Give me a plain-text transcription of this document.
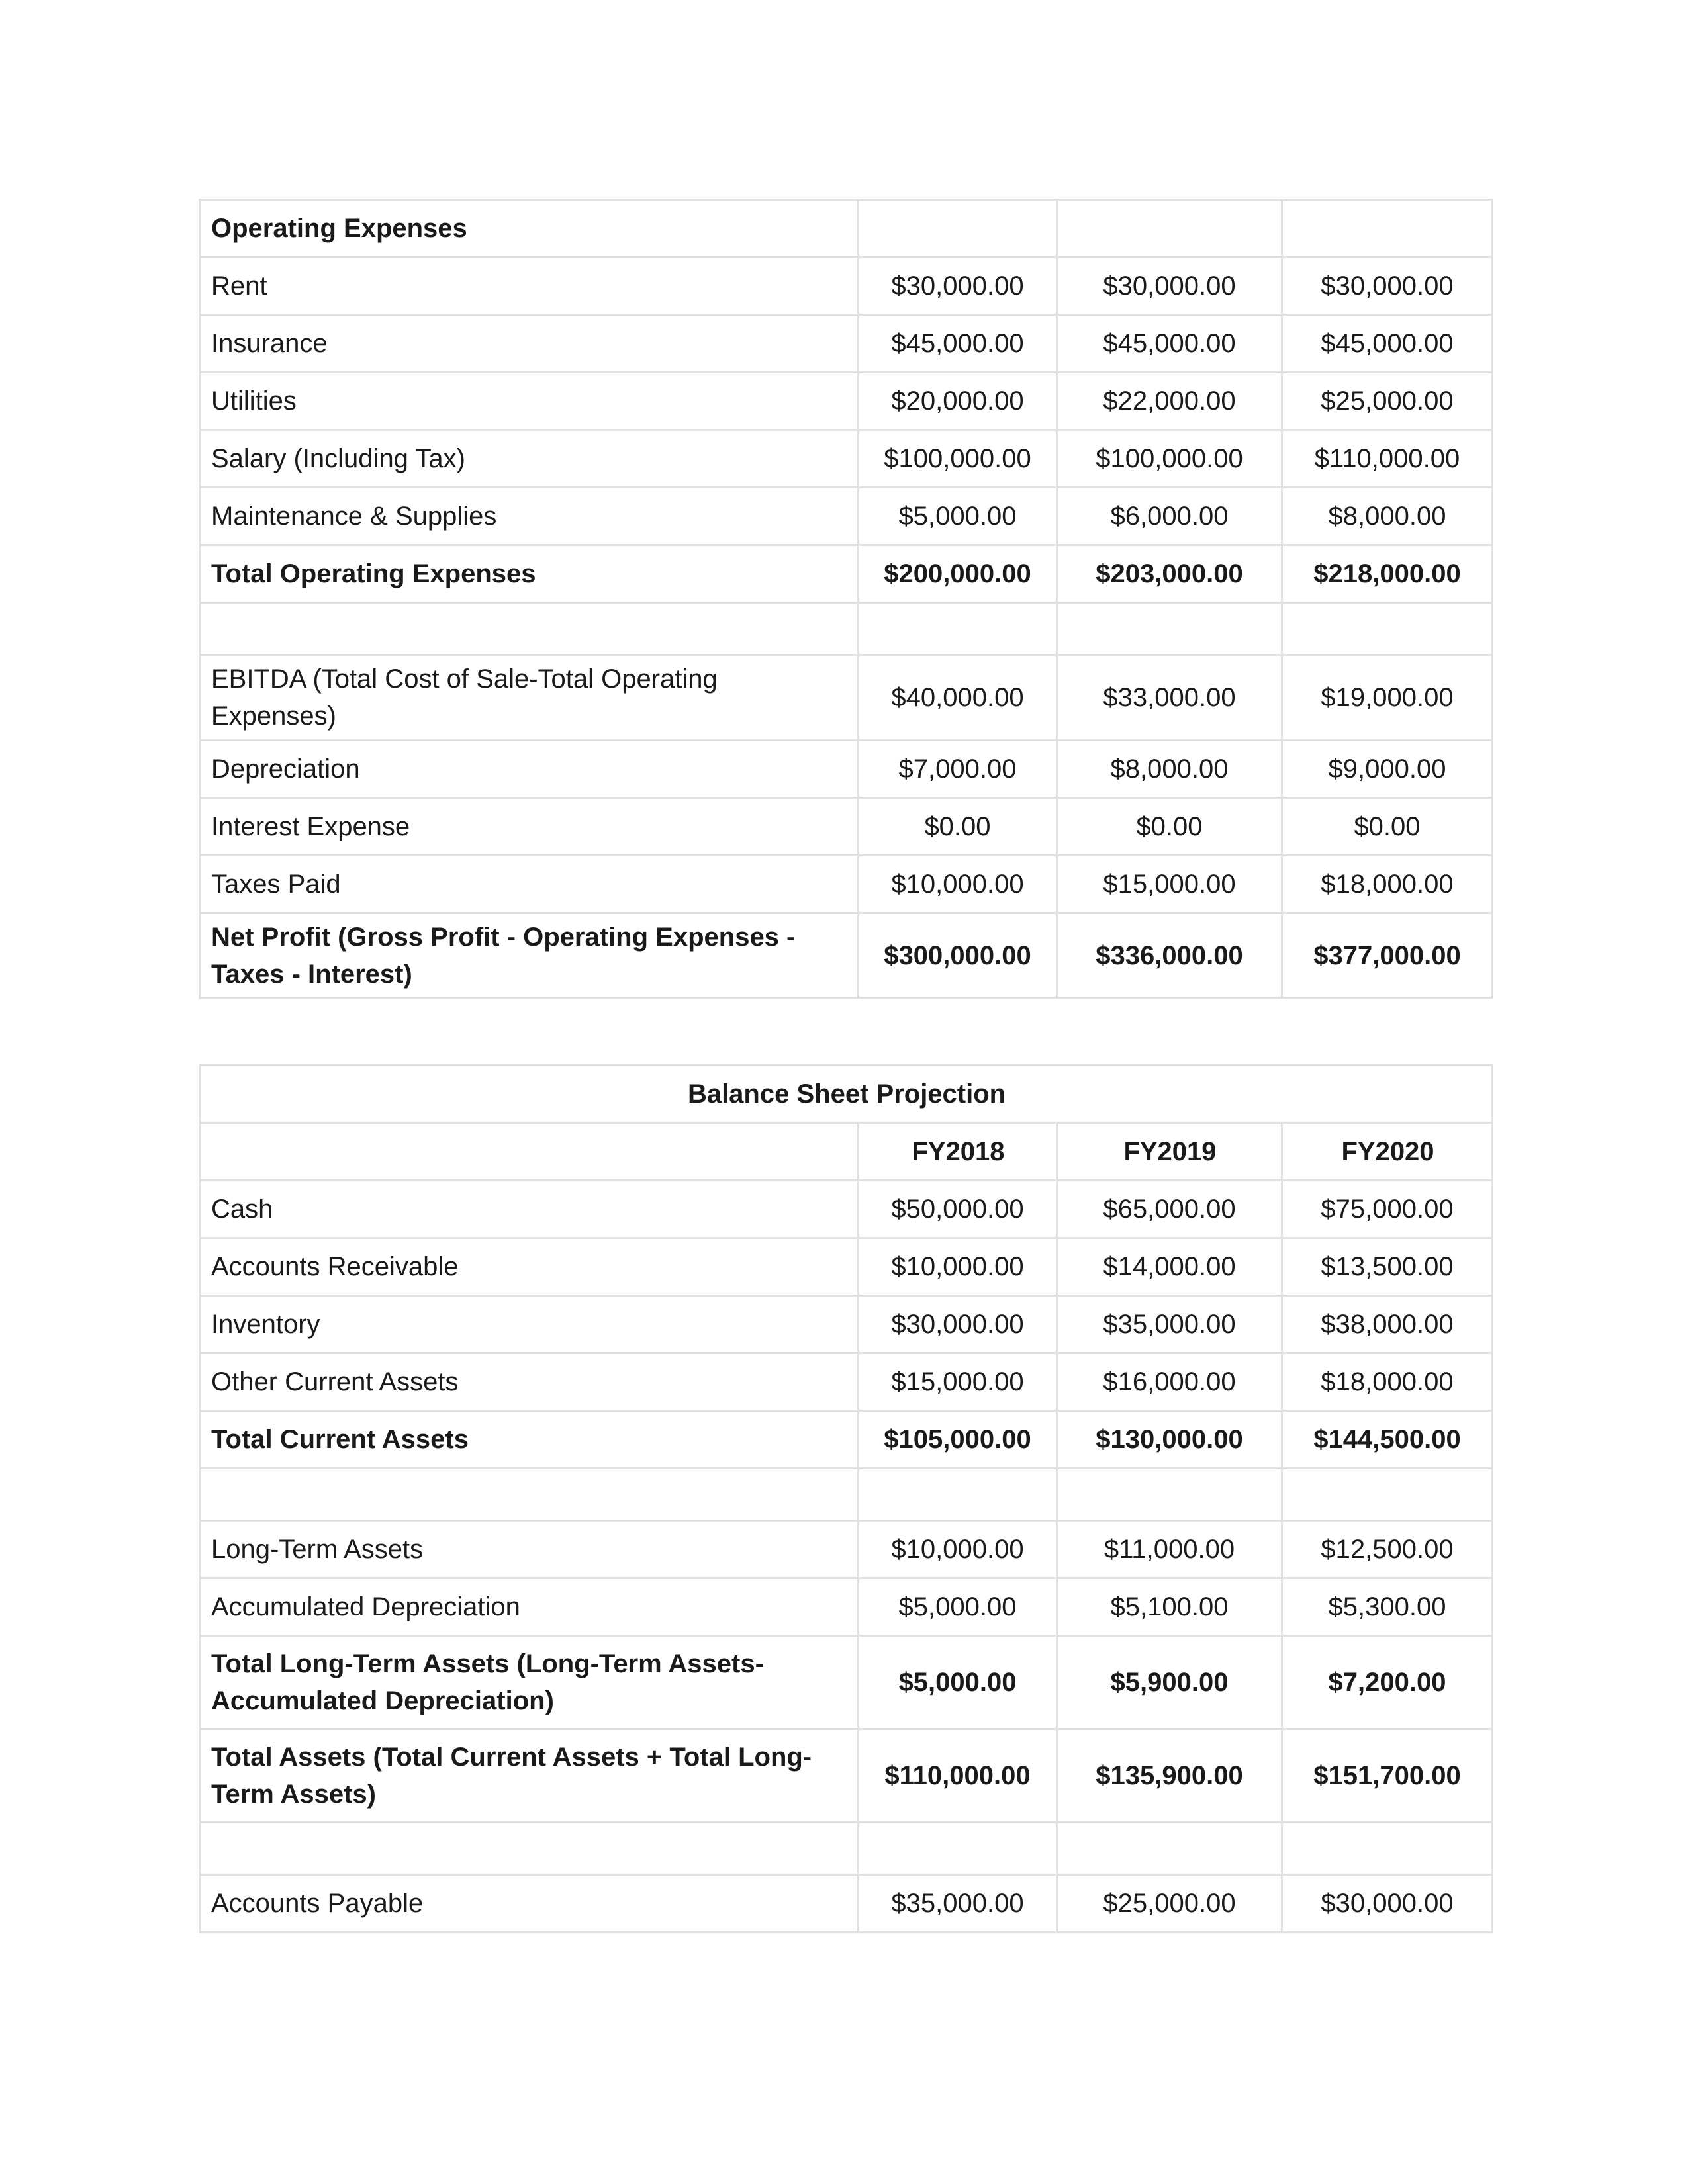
Operating Expenses			
Rent	$30,000.00	$30,000.00	$30,000.00
Insurance	$45,000.00	$45,000.00	$45,000.00
Utilities	$20,000.00	$22,000.00	$25,000.00
Salary (Including Tax)	$100,000.00	$100,000.00	$110,000.00
Maintenance & Supplies	$5,000.00	$6,000.00	$8,000.00
Total Operating Expenses	$200,000.00	$203,000.00	$218,000.00

EBITDA (Total Cost of Sale-Total Operating Expenses)	$40,000.00	$33,000.00	$19,000.00
Depreciation	$7,000.00	$8,000.00	$9,000.00
Interest Expense	$0.00	$0.00	$0.00
Taxes Paid	$10,000.00	$15,000.00	$18,000.00
Net Profit (Gross Profit - Operating Expenses - Taxes - Interest)	$300,000.00	$336,000.00	$377,000.00
Balance Sheet Projection			
	FY2018	FY2019	FY2020
Cash	$50,000.00	$65,000.00	$75,000.00
Accounts Receivable	$10,000.00	$14,000.00	$13,500.00
Inventory	$30,000.00	$35,000.00	$38,000.00
Other Current Assets	$15,000.00	$16,000.00	$18,000.00
Total Current Assets	$105,000.00	$130,000.00	$144,500.00

Long-Term Assets	$10,000.00	$11,000.00	$12,500.00
Accumulated Depreciation	$5,000.00	$5,100.00	$5,300.00
Total Long-Term Assets (Long-Term Assets-Accumulated Depreciation)	$5,000.00	$5,900.00	$7,200.00
Total Assets (Total Current Assets + Total Long-Term Assets)	$110,000.00	$135,900.00	$151,700.00

Accounts Payable	$35,000.00	$25,000.00	$30,000.00
